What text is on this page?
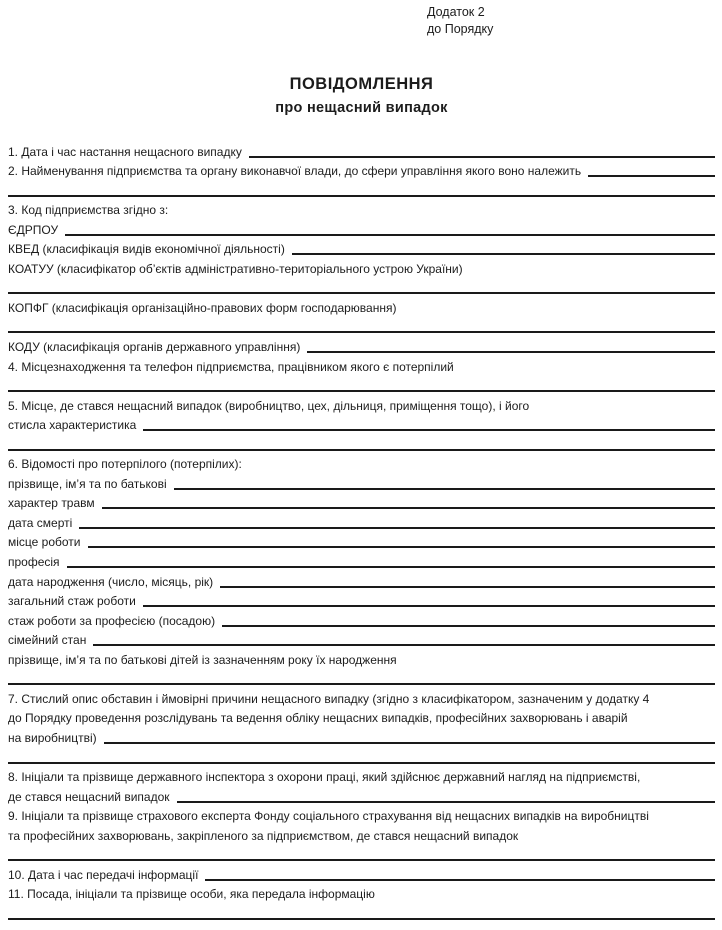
Додаток 2
до Порядку
ПОВІДОМЛЕННЯ
про нещасний випадок
1. Дата і час настання нещасного випадку
2. Найменування підприємства та органу виконавчої влади, до сфери управління якого воно належить
3. Код підприємства згідно з:
ЄДРПОУ
КВЕД (класифікація видів економічної діяльності)
КОАТУУ (класифікатор об’єктів адміністративно-територіального устрою України)
КОПФГ (класифікація організаційно-правових форм господарювання)
КОДУ (класифікація органів державного управління)
4. Місцезнаходження та телефон підприємства, працівником якого є потерпілий
5. Місце, де стався нещасний випадок (виробництво, цех, дільниця, приміщення тощо), і його
стисла характеристика
6. Відомості про потерпілого (потерпілих):
прізвище, ім’я та по батькові
характер травм
дата смерті
місце роботи
професія
дата народження (число, місяць, рік)
загальний стаж роботи
стаж роботи за професією (посадою)
сімейний стан
прізвище, ім’я та по батькові дітей із зазначенням року їх народження
7. Стислий опис обставин і ймовірні причини нещасного випадку (згідно з класифікатором, зазначеним у додатку 4
до Порядку проведення розслідувань та ведення обліку нещасних випадків, професійних захворювань і аварій
на виробництві)
8. Ініціали та прізвище державного інспектора з охорони праці, який здійснює державний нагляд на підприємстві,
де стався нещасний випадок
9. Ініціали та прізвище страхового експерта Фонду соціального страхування від нещасних випадків на виробництві
та професійних захворювань, закріпленого за підприємством, де стався нещасний випадок
10. Дата і час передачі інформації
11. Посада, ініціали та прізвище особи, яка передала інформацію
